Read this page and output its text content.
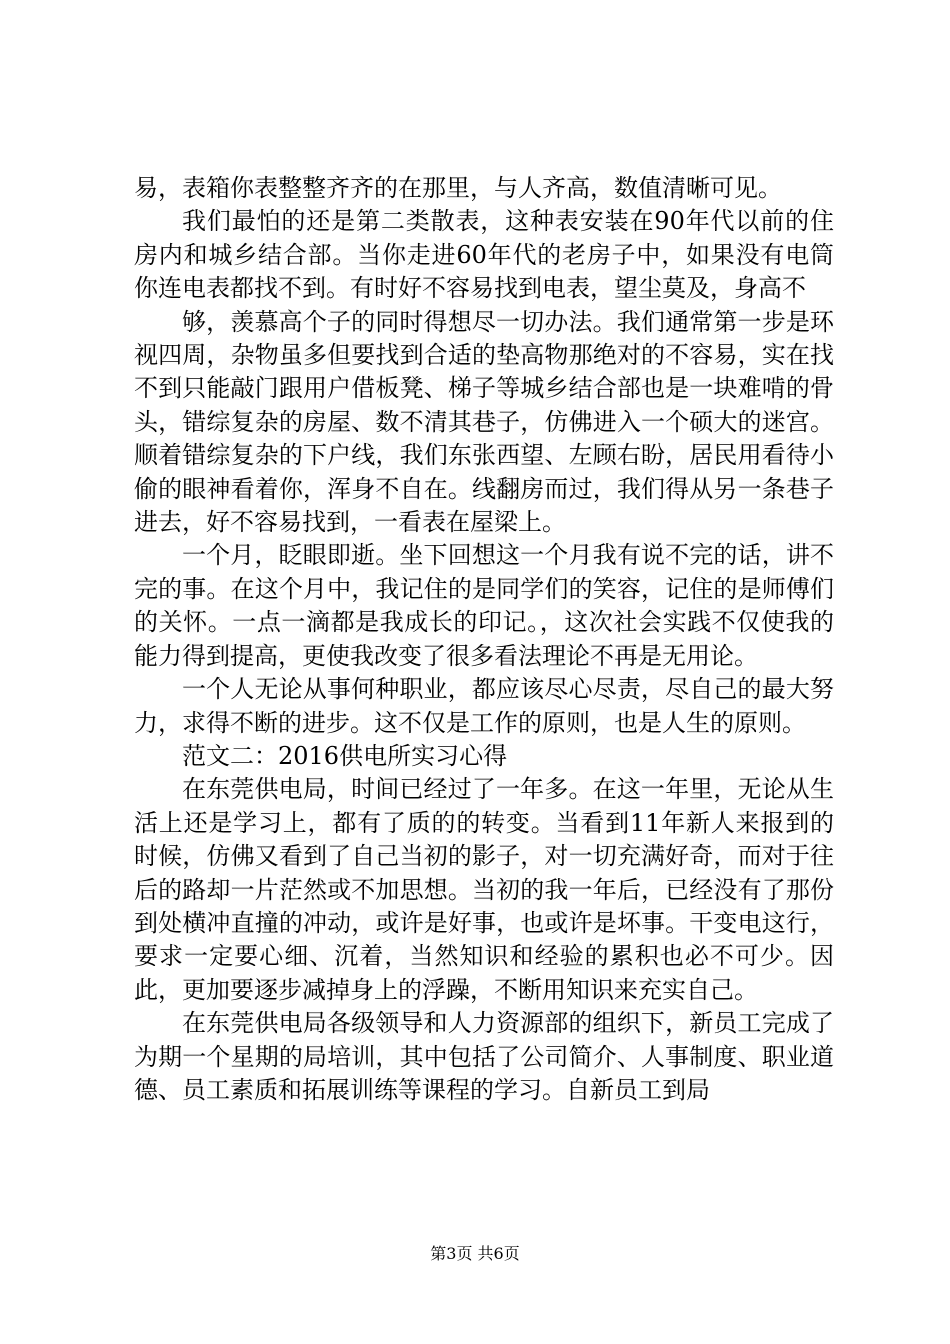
易，表箱你表整整齐齐的在那里，与人齐高，数值清晰可见。

我们最怕的还是第二类散表，这种表安装在90年代以前的住房内和城乡结合部。当你走进60年代的老房子中，如果没有电筒你连电表都找不到。有时好不容易找到电表，望尘莫及，身高不

够，羡慕高个子的同时得想尽一切办法。我们通常第一步是环视四周，杂物虽多但要找到合适的垫高物那绝对的不容易，实在找不到只能敲门跟用户借板凳、梯子等城乡结合部也是一块难啃的骨头，错综复杂的房屋、数不清其巷子，仿佛进入一个硕大的迷宫。顺着错综复杂的下户线，我们东张西望、左顾右盼，居民用看待小偷的眼神看着你，浑身不自在。线翻房而过，我们得从另一条巷子进去，好不容易找到，一看表在屋梁上。

一个月，眨眼即逝。坐下回想这一个月我有说不完的话，讲不完的事。在这个月中，我记住的是同学们的笑容，记住的是师傅们的关怀。一点一滴都是我成长的印记。，这次社会实践不仅使我的能力得到提高，更使我改变了很多看法理论不再是无用论。

一个人无论从事何种职业，都应该尽心尽责，尽自己的最大努力，求得不断的进步。这不仅是工作的原则，也是人生的原则。

范文二：2016供电所实习心得

在东莞供电局，时间已经过了一年多。在这一年里，无论从生活上还是学习上，都有了质的的转变。当看到11年新人来报到的时候，仿佛又看到了自己当初的影子，对一切充满好奇，而对于往后的路却一片茫然或不加思想。当初的我一年后，已经没有了那份到处横冲直撞的冲动，或许是好事，也或许是坏事。干变电这行，要求一定要心细、沉着，当然知识和经验的累积也必不可少。因此，更加要逐步减掉身上的浮躁，不断用知识来充实自己。

在东莞供电局各级领导和人力资源部的组织下，新员工完成了为期一个星期的局培训，其中包括了公司简介、人事制度、职业道德、员工素质和拓展训练等课程的学习。自新员工到局

第3页 共6页
